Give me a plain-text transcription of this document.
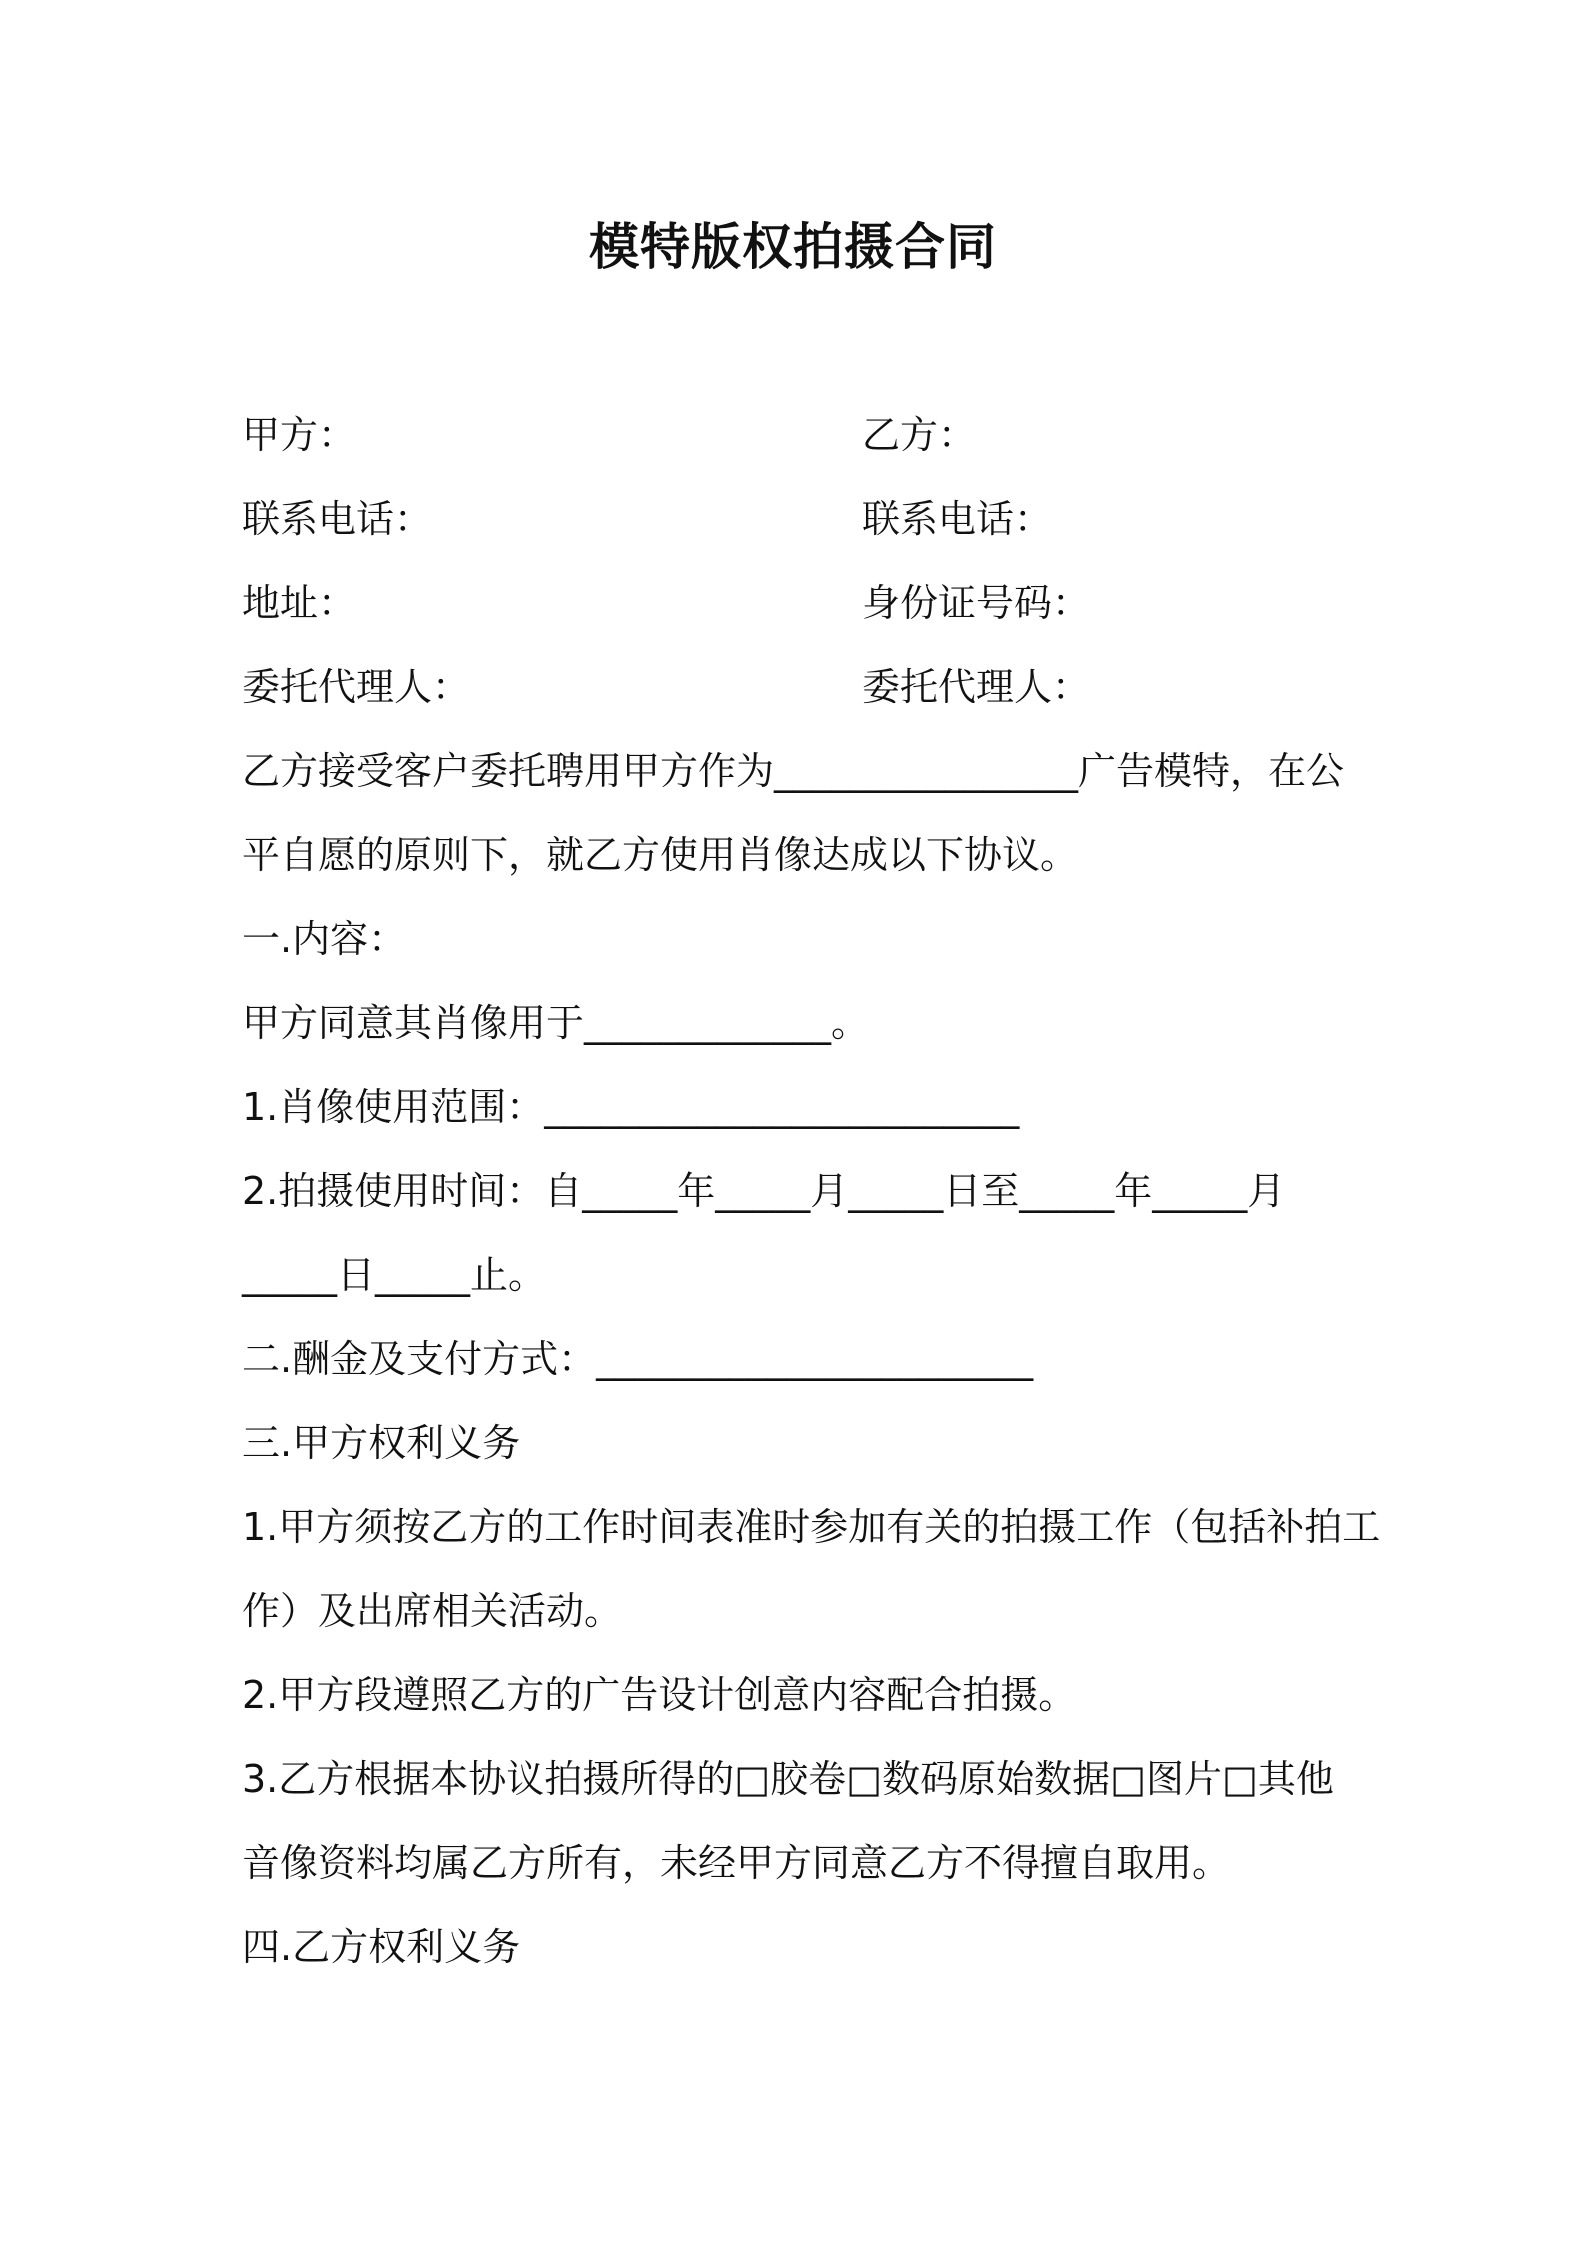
模特版权拍摄合同
甲方：	乙方：
联系电话：	联系电话：
地址：	身份证号码：
委托代理人：	委托代理人：
乙方接受客户委托聘用甲方作为________________广告模特，在公
平自愿的原则下，就乙方使用肖像达成以下协议。
一.内容：
甲方同意其肖像用于_____________。
1.肖像使用范围：_________________________
2.拍摄使用时间：自_____年_____月_____日至_____年_____月
_____日_____止。
二.酬金及支付方式：_______________________
三.甲方权利义务
1.甲方须按乙方的工作时间表准时参加有关的拍摄工作（包括补拍工
作）及出席相关活动。
2.甲方段遵照乙方的广告设计创意内容配合拍摄。
3.乙方根据本协议拍摄所得的□胶卷□数码原始数据□图片□其他
音像资料均属乙方所有，未经甲方同意乙方不得擅自取用。
四.乙方权利义务
